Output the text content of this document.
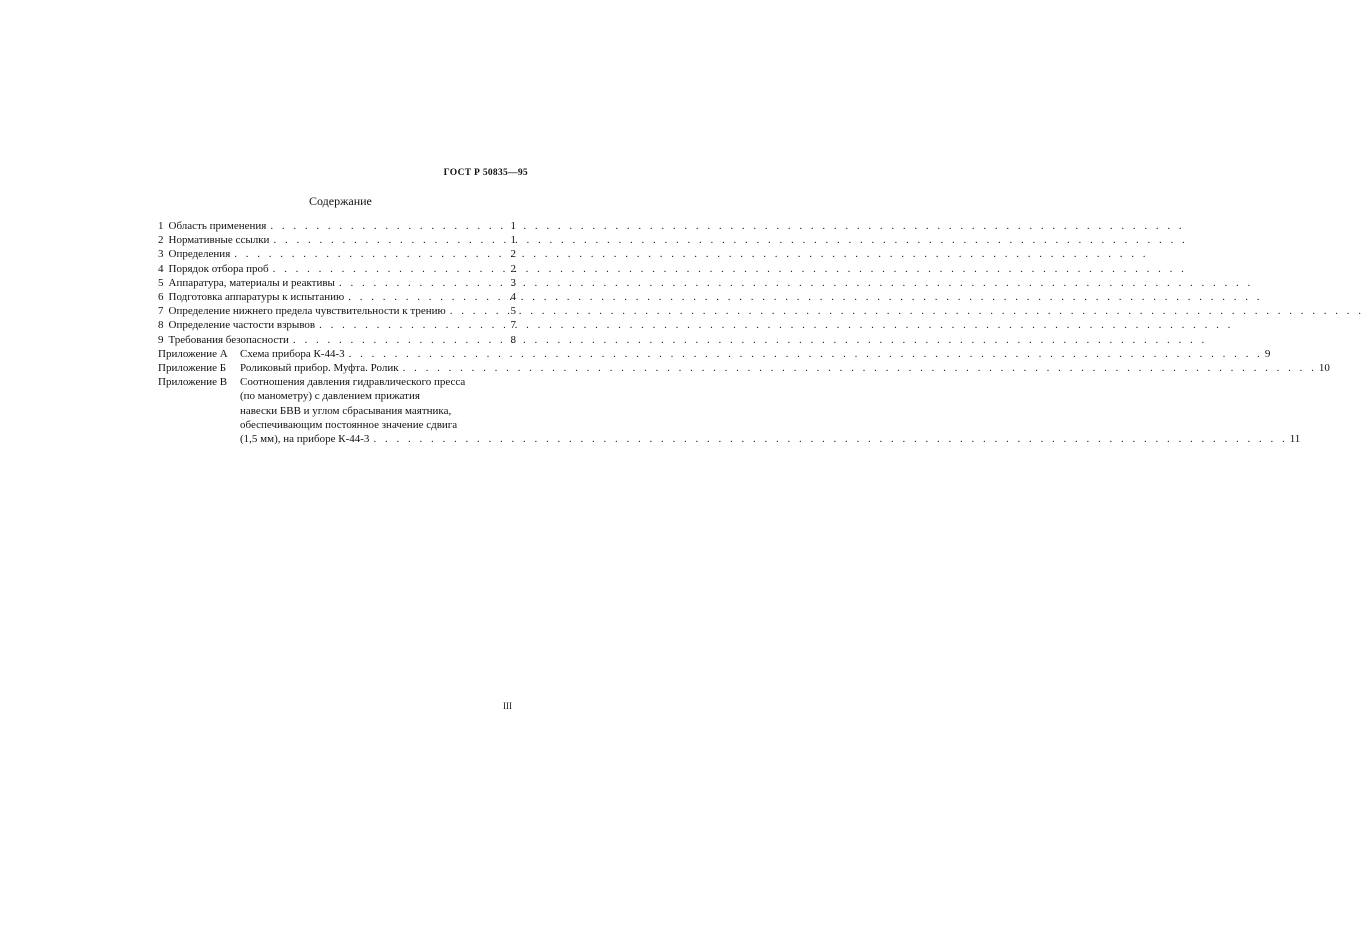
ГОСТ Р 50835—95
Содержание
1 Область применения . . .	1
2 Нормативные ссылки . . .	1
3 Определения . . .	2
4 Порядок отбора проб . . .	2
5 Аппаратура, материалы и реактивы . . .	3
6 Подготовка аппаратуры к испытанию . . .	4
7 Определение нижнего предела чувствительности к трению . . .	5
8 Определение частости взрывов . . .	7
9 Требования безопасности . . .	8
Приложение А	Схема прибора К-44-3 . . .	9
Приложение Б	Роликовый прибор. Муфта. Ролик . . .	10
Приложение В	Соотношения давления гидравлического пресса
(по манометру) с давлением прижатия
навески БВВ и углом сбрасывания маятника,
обеспечивающим постоянное значение сдвига
(1,5 мм), на приборе К-44-3 . . .	11
III
